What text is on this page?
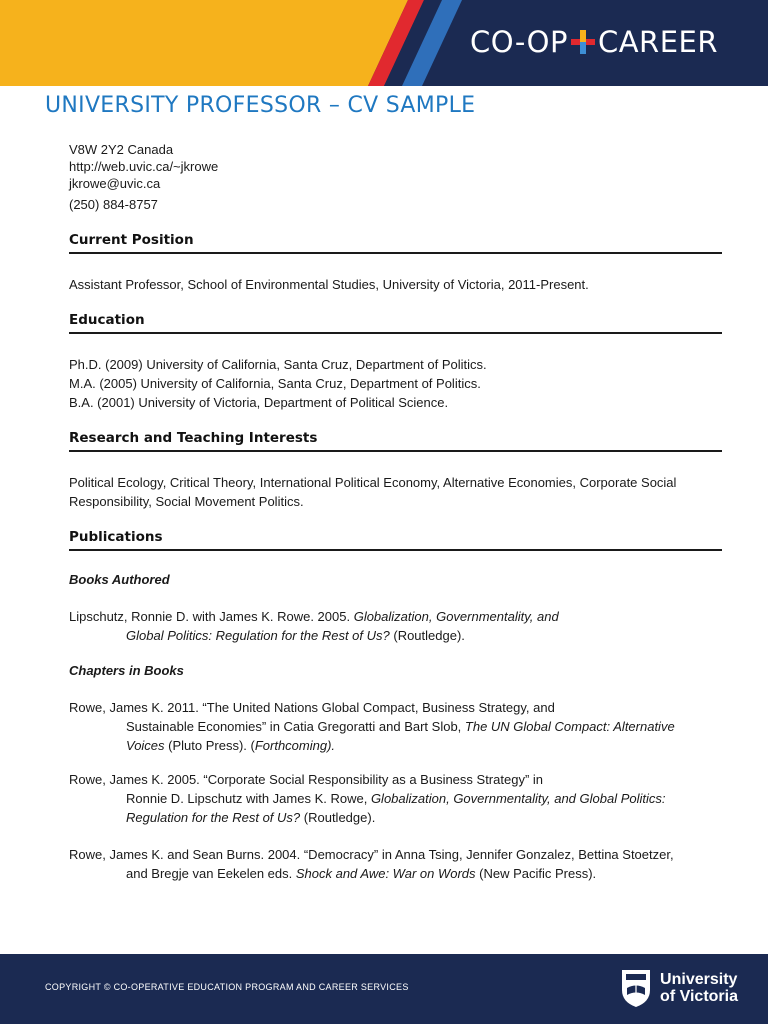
CO-OP CAREER
UNIVERSITY PROFESSOR – CV SAMPLE
V8W 2Y2 Canada
http://web.uvic.ca/~jkrowe
jkrowe@uvic.ca
(250) 884-8757
Current Position
Assistant Professor, School of Environmental Studies, University of Victoria, 2011-Present.
Education
Ph.D. (2009) University of California, Santa Cruz, Department of Politics.
M.A. (2005) University of California, Santa Cruz, Department of Politics.
B.A. (2001) University of Victoria, Department of Political Science.
Research and Teaching Interests
Political Ecology, Critical Theory, International Political Economy, Alternative Economies, Corporate Social Responsibility, Social Movement Politics.
Publications
Books Authored
Lipschutz, Ronnie D. with James K. Rowe. 2005. Globalization, Governmentality, and
Global Politics: Regulation for the Rest of Us? (Routledge).
Chapters in Books
Rowe, James K. 2011. “The United Nations Global Compact, Business Strategy, and
Sustainable Economies” in Catia Gregoratti and Bart Slob, The UN Global Compact: Alternative
Voices (Pluto Press). (Forthcoming).
Rowe, James K. 2005. “Corporate Social Responsibility as a Business Strategy” in
Ronnie D. Lipschutz with James K. Rowe, Globalization, Governmentality, and Global Politics:
Regulation for the Rest of Us? (Routledge).
Rowe, James K. and Sean Burns. 2004. “Democracy” in Anna Tsing, Jennifer Gonzalez, Bettina Stoetzer,
and Bregje van Eekelen eds. Shock and Awe: War on Words (New Pacific Press).
COPYRIGHT © CO-OPERATIVE EDUCATION PROGRAM AND CAREER SERVICES	University
of Victoria
